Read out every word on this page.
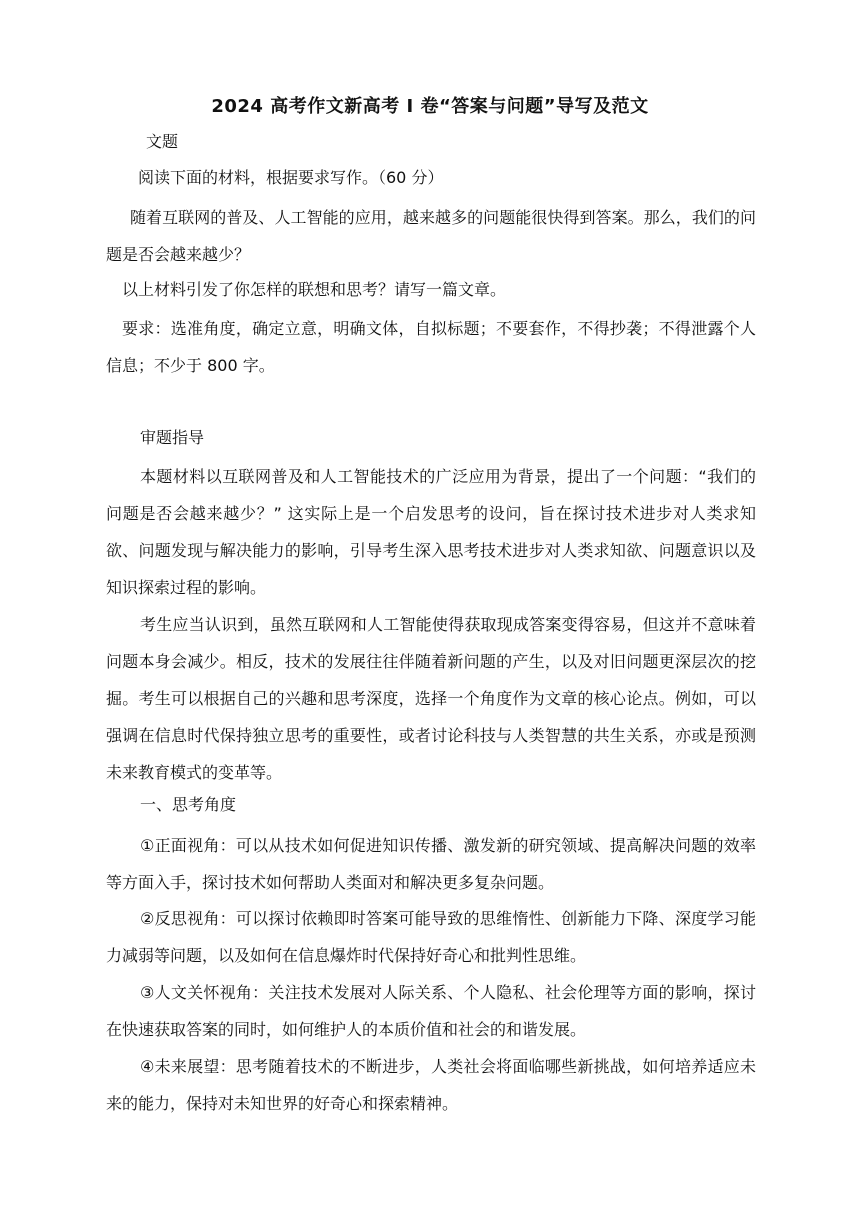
2024 高考作文新高考 I 卷“答案与问题”导写及范文
文题
阅读下面的材料，根据要求写作。（60 分）
随着互联网的普及、人工智能的应用，越来越多的问题能很快得到答案。那么，我们的问题是否会越来越少？
以上材料引发了你怎样的联想和思考？请写一篇文章。
要求：选准角度，确定立意，明确文体，自拟标题；不要套作，不得抄袭；不得泄露个人信息；不少于 800 字。
审题指导
本题材料以互联网普及和人工智能技术的广泛应用为背景，提出了一个问题：“我们的问题是否会越来越少？” 这实际上是一个启发思考的设问，旨在探讨技术进步对人类求知欲、问题发现与解决能力的影响，引导考生深入思考技术进步对人类求知欲、问题意识以及知识探索过程的影响。
考生应当认识到，虽然互联网和人工智能使得获取现成答案变得容易，但这并不意味着问题本身会减少。相反，技术的发展往往伴随着新问题的产生，以及对旧问题更深层次的挖掘。考生可以根据自己的兴趣和思考深度，选择一个角度作为文章的核心论点。例如，可以强调在信息时代保持独立思考的重要性，或者讨论科技与人类智慧的共生关系，亦或是预测未来教育模式的变革等。
一、思考角度
①正面视角：可以从技术如何促进知识传播、激发新的研究领域、提高解决问题的效率等方面入手，探讨技术如何帮助人类面对和解决更多复杂问题。
②反思视角：可以探讨依赖即时答案可能导致的思维惰性、创新能力下降、深度学习能力减弱等问题，以及如何在信息爆炸时代保持好奇心和批判性思维。
③人文关怀视角：关注技术发展对人际关系、个人隐私、社会伦理等方面的影响，探讨在快速获取答案的同时，如何维护人的本质价值和社会的和谐发展。
④未来展望：思考随着技术的不断进步，人类社会将面临哪些新挑战，如何培养适应未来的能力，保持对未知世界的好奇心和探索精神。
